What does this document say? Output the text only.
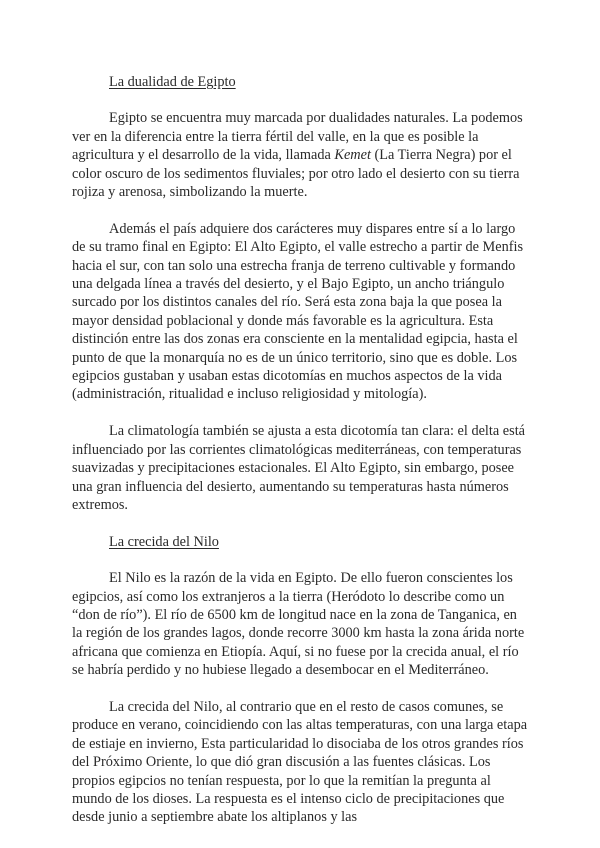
La dualidad de Egipto

Egipto se encuentra muy marcada por dualidades naturales. La podemos ver en la diferencia entre la tierra fértil del valle, en la que es posible la agricultura y el desarrollo de la vida, llamada Kemet (La Tierra Negra) por el color oscuro de los sedimentos fluviales; por otro lado el desierto con su tierra rojiza y arenosa, simbolizando la muerte.

Además el país adquiere dos carácteres muy dispares entre sí a lo largo de su tramo final en Egipto: El Alto Egipto, el valle estrecho a partir de Menfis hacia el sur, con tan solo una estrecha franja de terreno cultivable y formando una delgada línea a través del desierto, y el Bajo Egipto, un ancho triángulo surcado por los distintos canales del río. Será esta zona baja la que posea la mayor densidad poblacional y donde más favorable es la agricultura. Esta distinción entre las dos zonas era consciente en la mentalidad egipcia, hasta el punto de que la monarquía no es de un único territorio, sino que es doble. Los egipcios gustaban y usaban estas dicotomías en muchos aspectos de la vida (administración, ritualidad e incluso religiosidad y mitología).

La climatología también se ajusta a esta dicotomía tan clara: el delta está influenciado por las corrientes climatológicas mediterráneas, con temperaturas suavizadas y precipitaciones estacionales. El Alto Egipto, sin embargo, posee una gran influencia del desierto, aumentando su temperaturas hasta números extremos.

La crecida del Nilo

El Nilo es la razón de la vida en Egipto. De ello fueron conscientes los egipcios, así como los extranjeros a la tierra (Heródoto lo describe como un “don de río”). El río de 6500 km de longitud nace en la zona de Tanganica, en la región de los grandes lagos, donde recorre 3000 km hasta la zona árida norte africana que comienza en Etiopía. Aquí, si no fuese por la crecida anual, el río se habría perdido y no hubiese llegado a desembocar en el Mediterráneo.

La crecida del Nilo, al contrario que en el resto de casos comunes, se produce en verano, coincidiendo con las altas temperaturas, con una larga etapa de estiaje en invierno, Esta particularidad lo disociaba de los otros grandes ríos del Próximo Oriente, lo que dió gran discusión a las fuentes clásicas. Los propios egipcios no tenían respuesta, por lo que la remitían la pregunta al mundo de los dioses. La respuesta es el intenso ciclo de precipitaciones que desde junio a septiembre abate los altiplanos y las
